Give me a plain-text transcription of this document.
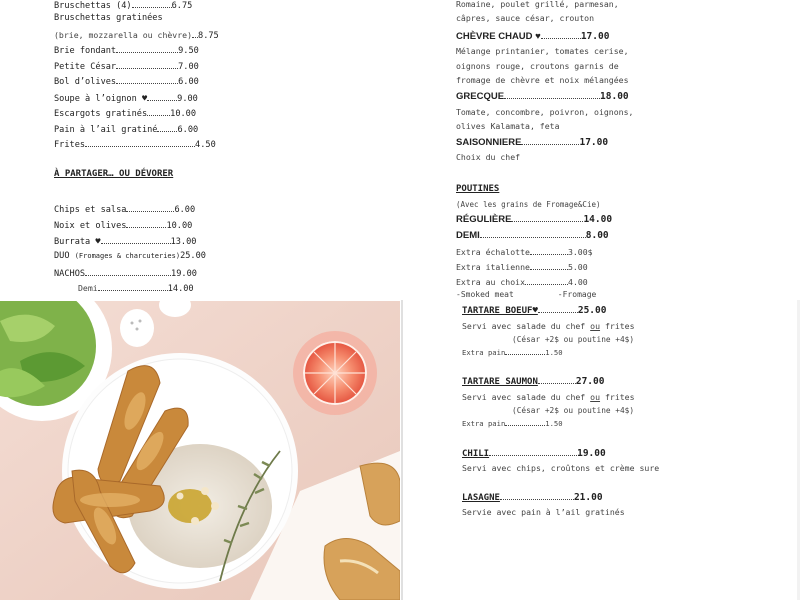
Bruschettas (4)	6.75
Bruschettas gratinées
(brie, mozzarella ou chèvre) 8.75
Brie fondant	9.50
Petite César	7.00
Bol d’olives	6.00
Soupe à l’oignon ♥	9.00
Escargots gratinés	10.00
Pain à l’ail gratiné 6.00
Frites	4.50
À PARTAGER… OU DÉVORER
Chips et salsa	6.00
Noix et olives	10.00
Burrata ♥	13.00
DUO (Fromages & charcuteries)25.00
NACHOS	19.00
Demi	14.00
Romaine, poulet grillé, parmesan,
câpres, sauce césar, crouton
CHÈVRE CHAUD ♥	17.00
Mélange printanier, tomates cerise,
oignons rouge, croutons garnis de
fromage de chèvre et noix mélangées
GRECQUE	18.00
Tomate, concombre, poivron, oignons,
olives Kalamata, feta
SAISONNIERE	17.00
Choix du chef
POUTINES
(Avec les grains de Fromage&Cie)
RÉGULIÈRE	14.00
DEMI	8.00
Extra échalotte	3.00$
Extra italienne	5.00
Extra au choix	4.00
-Smoked meat	-Fromage
TARTARE BOEUF♥	25.00
Servi avec salade du chef ou frites
(César +2$ ou poutine +4$)
Extra pain	1.50
TARTARE SAUMON	27.00
Servi avec salade du chef ou frites
(César +2$ ou poutine +4$)
Extra pain	1.50
CHILI	19.00
Servi avec chips, croûtons et crème sure
LASAGNE	21.00
Servie avec pain à l’ail gratinés
